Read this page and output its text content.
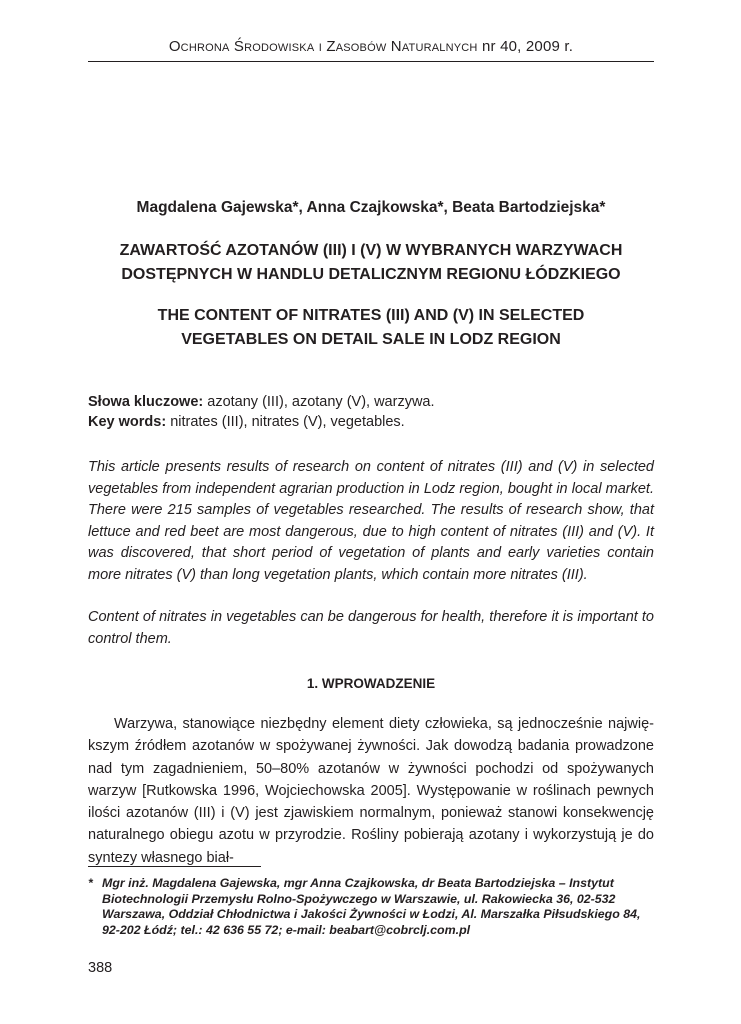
Ochrona Środowiska i Zasobów Naturalnych nr 40, 2009 r.
Magdalena Gajewska*, Anna Czajkowska*, Beata Bartodziejska*
ZAWARTOŚĆ AZOTANÓW (III) I (V) W WYBRANYCH WARZYWACH
DOSTĘPNYCH W HANDLU DETALICZNYM REGIONU ŁÓDZKIEGO
THE CONTENT OF NITRATES (III) AND (V) IN SELECTED
VEGETABLES ON DETAIL SALE IN LODZ REGION
Słowa kluczowe: azotany (III), azotany (V), warzywa.
Key words: nitrates (III), nitrates (V), vegetables.
This article presents results of research on content of nitrates (III) and (V) in selected vegetables from independent agrarian production in Lodz region, bought in local market. There were 215 samples of vegetables researched. The results of research show, that lettuce and red beet are most dangerous, due to high content of nitrates (III) and (V). It was discovered, that short period of vegetation of plants and early varieties contain more nitrates (V) than long vegetation plants, which contain more nitrates (III).
Content of nitrates in vegetables can be dangerous for health, therefore it is important to control them.
1. WPROWADZENIE
Warzywa, stanowiące niezbędny element diety człowieka, są jednocześnie największym źródłem azotanów w spożywanej żywności. Jak dowodzą badania prowadzone nad tym zagadnieniem, 50–80% azotanów w żywności pochodzi od spożywanych warzyw [Rutkowska 1996, Wojciechowska 2005]. Występowanie w roślinach pewnych ilości azotanów (III) i (V) jest zjawiskiem normalnym, ponieważ stanowi konsekwencję naturalnego obiegu azotu w przyrodzie. Rośliny pobierają azotany i wykorzystują je do syntezy własnego biał-
* Mgr inż. Magdalena Gajewska, mgr Anna Czajkowska, dr Beata Bartodziejska – Instytut Biotechnologii Przemysłu Rolno-Spożywczego w Warszawie, ul. Rakowiecka 36, 02-532 Warszawa, Oddział Chłodnictwa i Jakości Żywności w Łodzi, Al. Marszałka Piłsudskiego 84, 92-202 Łódź; tel.: 42 636 55 72; e-mail: beabart@cobrclj.com.pl
388
